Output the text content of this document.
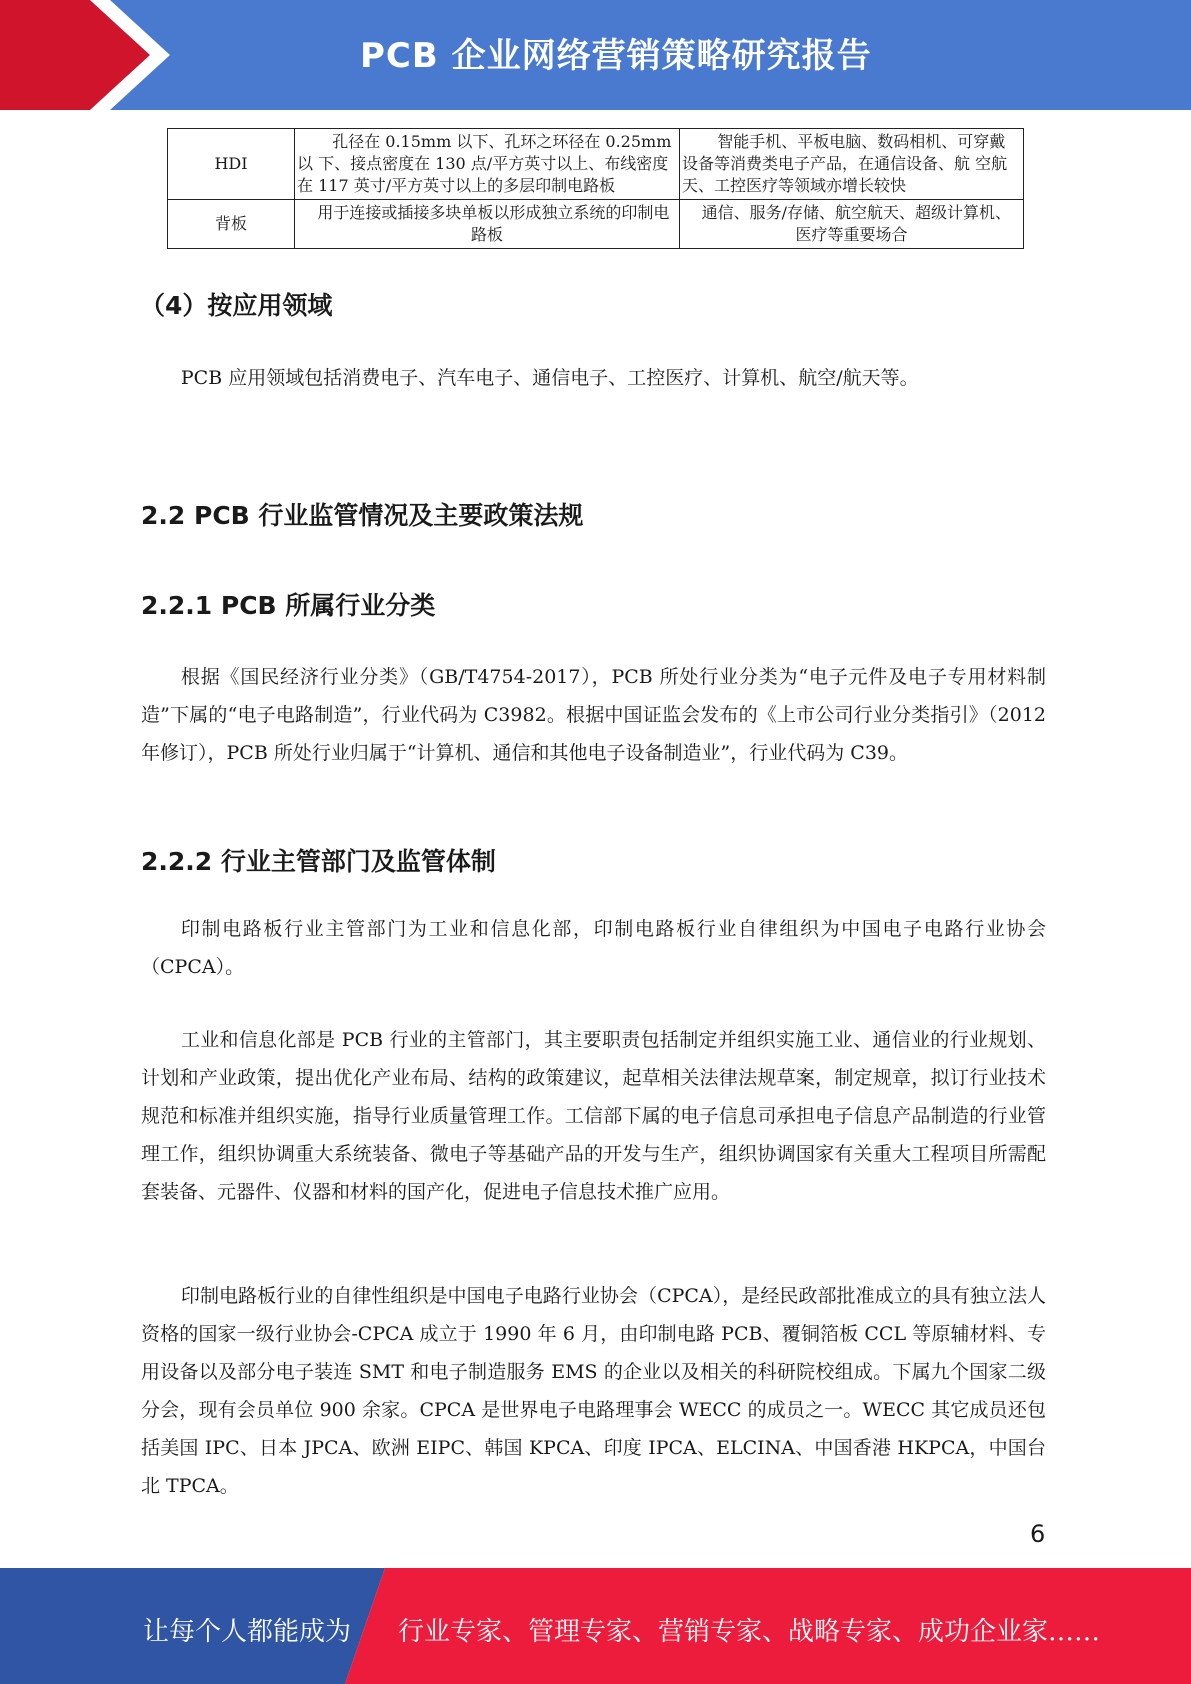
PCB 企业网络营销策略研究报告
HDI	孔径在 0.15mm 以下、孔环之环径在 0.25mm 以 下、接点密度在 130 点/平方英寸以上、布线密度在 117 英寸/平方英寸以上的多层印制电路板	智能手机、平板电脑、数码相机、可穿戴 设备等消费类电子产品，在通信设备、航 空航天、工控医疗等领域亦增长较快
背板	用于连接或插接多块单板以形成独立系统的印制电路板	通信、服务/存储、航空航天、超级计算机、 医疗等重要场合
（4）按应用领域

PCB 应用领域包括消费电子、汽车电子、通信电子、工控医疗、计算机、航空/航天等。

2.2 PCB 行业监管情况及主要政策法规
2.2.1 PCB 所属行业分类

根据《国民经济行业分类》（GB/T4754-2017），PCB 所处行业分类为“电子元件及电子专用材料制造”下属的“电子电路制造”，行业代码为 C3982。根据中国证监会发布的《上市公司行业分类指引》（2012 年修订），PCB 所处行业归属于“计算机、通信和其他电子设备制造业”，行业代码为 C39。

2.2.2 行业主管部门及监管体制

印制电路板行业主管部门为工业和信息化部，印制电路板行业自律组织为中国电子电路行业协会（CPCA）。

工业和信息化部是 PCB 行业的主管部门，其主要职责包括制定并组织实施工业、通信业的行业规划、计划和产业政策，提出优化产业布局、结构的政策建议，起草相关法律法规草案，制定规章，拟订行业技术规范和标准并组织实施，指导行业质量管理工作。工信部下属的电子信息司承担电子信息产品制造的行业管理工作，组织协调重大系统装备、微电子等基础产品的开发与生产，组织协调国家有关重大工程项目所需配套装备、元器件、仪器和材料的国产化，促进电子信息技术推广应用。

印制电路板行业的自律性组织是中国电子电路行业协会（CPCA），是经民政部批准成立的具有独立法人资格的国家一级行业协会-CPCA 成立于 1990 年 6 月，由印制电路 PCB、覆铜箔板 CCL 等原辅材料、专用设备以及部分电子装连 SMT 和电子制造服务 EMS 的企业以及相关的科研院校组成。下属九个国家二级分会，现有会员单位 900 余家。CPCA 是世界电子电路理事会 WECC 的成员之一。WECC 其它成员还包括美国 IPC、日本 JPCA、欧洲 EIPC、韩国 KPCA、印度 IPCA、ELCINA、中国香港 HKPCA，中国台北 TPCA。

6
让每个人都能成为 行业专家、管理专家、营销专家、战略专家、成功企业家……
